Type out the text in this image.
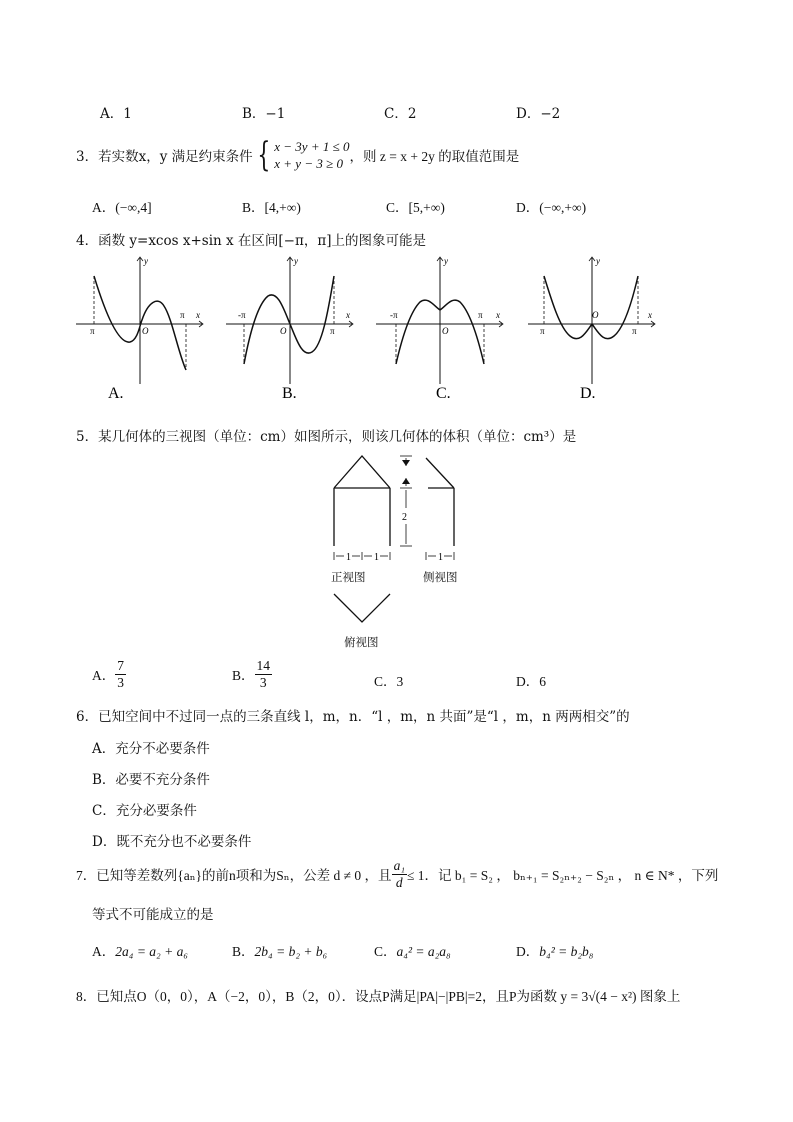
A．1	B．−1	C．2	D．−2
3．若实数x，y 满足约束条件 { x − 3y + 1 ≤ 0
x + y − 3 ≥ 0 ，则 z = x + 2y 的取值范围是
A．(−∞,4]	B．[4,+∞)	C．[5,+∞)	D．(−∞,+∞)
4．函数 y=xcos x+sin x 在区间[−π，π]上的图象可能是
π
π
y
x
O
A.
-π
π
y
x
O
B.
-π	π
y
x
O
C.
π	π
y
x
O
D.
5．某几何体的三视图（单位：cm）如图所示，则该几何体的体积（单位：cm³）是
1 1
2
1
正视图	侧视图
俯视图
A． $\frac{7}{3}$	B． $\frac{14}{3}$	C．3	D．6
6．已知空间中不过同一点的三条直线 l，m，n．“l ，m，n 共面”是“l ，m，n 两两相交”的
A．充分不必要条件
B．必要不充分条件
C．充分必要条件
D．既不充分也不必要条件
7．已知等差数列{aₙ}的前n项和为Sₙ，公差 d ≠ 0 ，且 $\frac{\text{a₁}}{d} \le 1$．记 b₁ = S₂ ， bₙ₊₁ = S₂ₙ₊₂ − S₂ₙ ， n ∈ N* ，下列
等式不可能成立的是
A．2a₄ = a₂ + a₆	B．2b₄ = b₂ + b₆	C．a₄² = a₂a₈	D．b₄² = b₂b₈
8．已知点O（0，0），A（−2，0），B（2，0）．设点P满足|PA|−|PB|=2，且P为函数 y = 3√(4 − x²) 图象上
